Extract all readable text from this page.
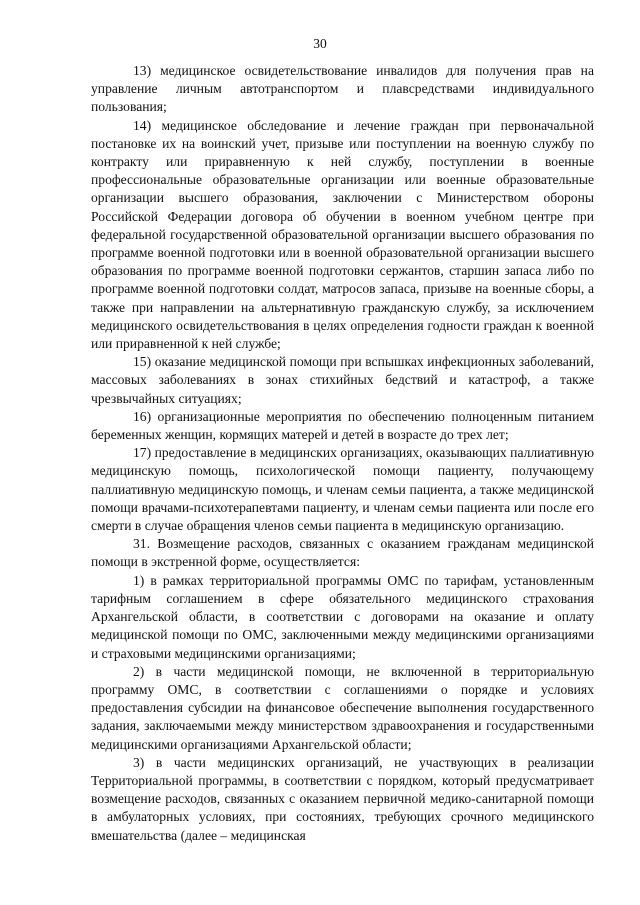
30

13) медицинское освидетельствование инвалидов для получения прав на управление личным автотранспортом и плавсредствами индивидуального пользования;

14) медицинское обследование и лечение граждан при первоначальной постановке их на воинский учет, призыве или поступлении на военную службу по контракту или приравненную к ней службу, поступлении в военные профессиональные образовательные организации или военные образовательные организации высшего образования, заключении с Министерством обороны Российской Федерации договора об обучении в военном учебном центре при федеральной государственной образовательной организации высшего образования по программе военной подготовки или в военной образовательной организации высшего образования по программе военной подготовки сержантов, старшин запаса либо по программе военной подготовки солдат, матросов запаса, призыве на военные сборы, а также при направлении на альтернативную гражданскую службу, за исключением медицинского освидетельствования в целях определения годности граждан к военной или приравненной к ней службе;

15) оказание медицинской помощи при вспышках инфекционных заболеваний, массовых заболеваниях в зонах стихийных бедствий и катастроф, а также чрезвычайных ситуациях;

16) организационные мероприятия по обеспечению полноценным питанием беременных женщин, кормящих матерей и детей в возрасте до трех лет;

17) предоставление в медицинских организациях, оказывающих паллиативную медицинскую помощь, психологической помощи пациенту, получающему паллиативную медицинскую помощь, и членам семьи пациента, а также медицинской помощи врачами-психотерапевтами пациенту, и членам семьи пациента или после его смерти в случае обращения членов семьи пациента в медицинскую организацию.

31. Возмещение расходов, связанных с оказанием гражданам медицинской помощи в экстренной форме, осуществляется:

1) в рамках территориальной программы ОМС по тарифам, установленным тарифным соглашением в сфере обязательного медицинского страхования Архангельской области, в соответствии с договорами на оказание и оплату медицинской помощи по ОМС, заключенными между медицинскими организациями и страховыми медицинскими организациями;

2) в части медицинской помощи, не включенной в территориальную программу ОМС, в соответствии с соглашениями о порядке и условиях предоставления субсидии на финансовое обеспечение выполнения государственного задания, заключаемыми между министерством здравоохранения и государственными медицинскими организациями Архангельской области;

3) в части медицинских организаций, не участвующих в реализации Территориальной программы, в соответствии с порядком, который предусматривает возмещение расходов, связанных с оказанием первичной медико-санитарной помощи в амбулаторных условиях, при состояниях, требующих срочного медицинского вмешательства (далее – медицинская
